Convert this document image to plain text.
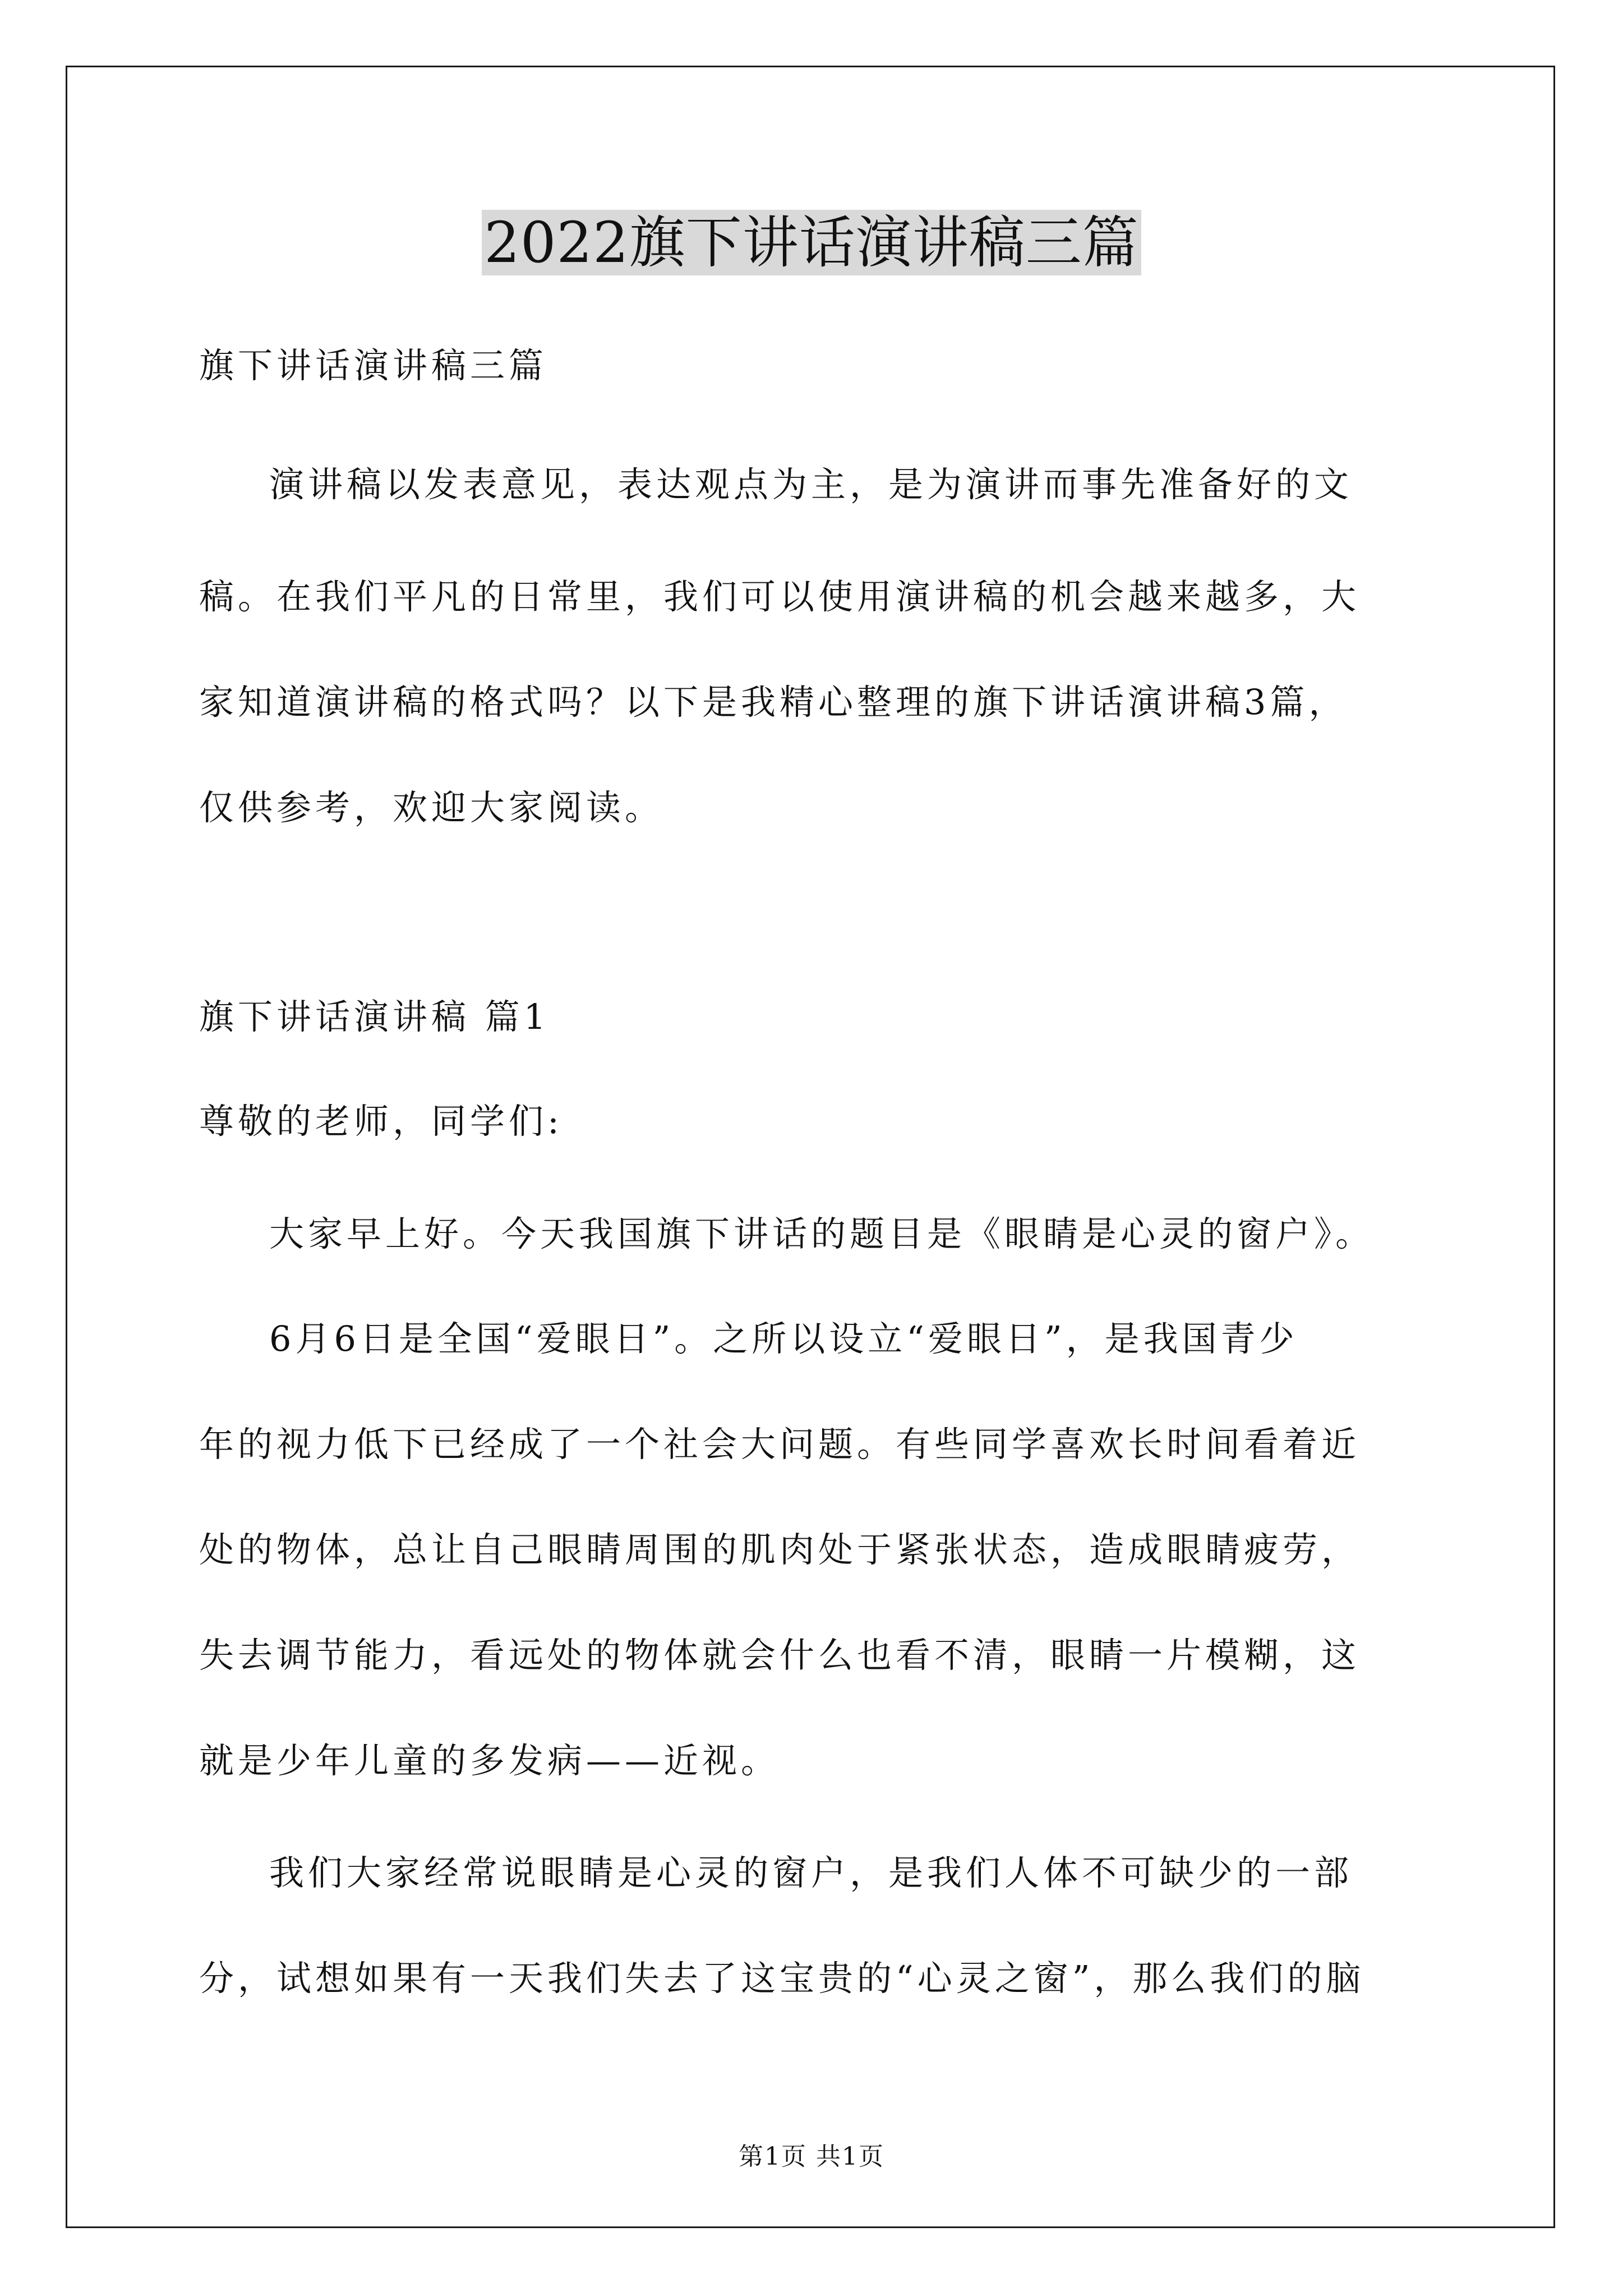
2022旗下讲话演讲稿三篇
旗下讲话演讲稿三篇
演讲稿以发表意见，表达观点为主，是为演讲而事先准备好的文
稿。在我们平凡的日常里，我们可以使用演讲稿的机会越来越多，大
家知道演讲稿的格式吗？以下是我精心整理的旗下讲话演讲稿3篇，
仅供参考，欢迎大家阅读。
旗下讲话演讲稿 篇1
尊敬的老师，同学们:
大家早上好。今天我国旗下讲话的题目是《眼睛是心灵的窗户》。
6月6日是全国“爱眼日”。之所以设立“爱眼日”，是我国青少
年的视力低下已经成了一个社会大问题。有些同学喜欢长时间看着近
处的物体，总让自己眼睛周围的肌肉处于紧张状态，造成眼睛疲劳，
失去调节能力，看远处的物体就会什么也看不清，眼睛一片模糊，这
就是少年儿童的多发病——近视。
我们大家经常说眼睛是心灵的窗户，是我们人体不可缺少的一部
分，试想如果有一天我们失去了这宝贵的“心灵之窗”，那么我们的脑
第1页 共1页
